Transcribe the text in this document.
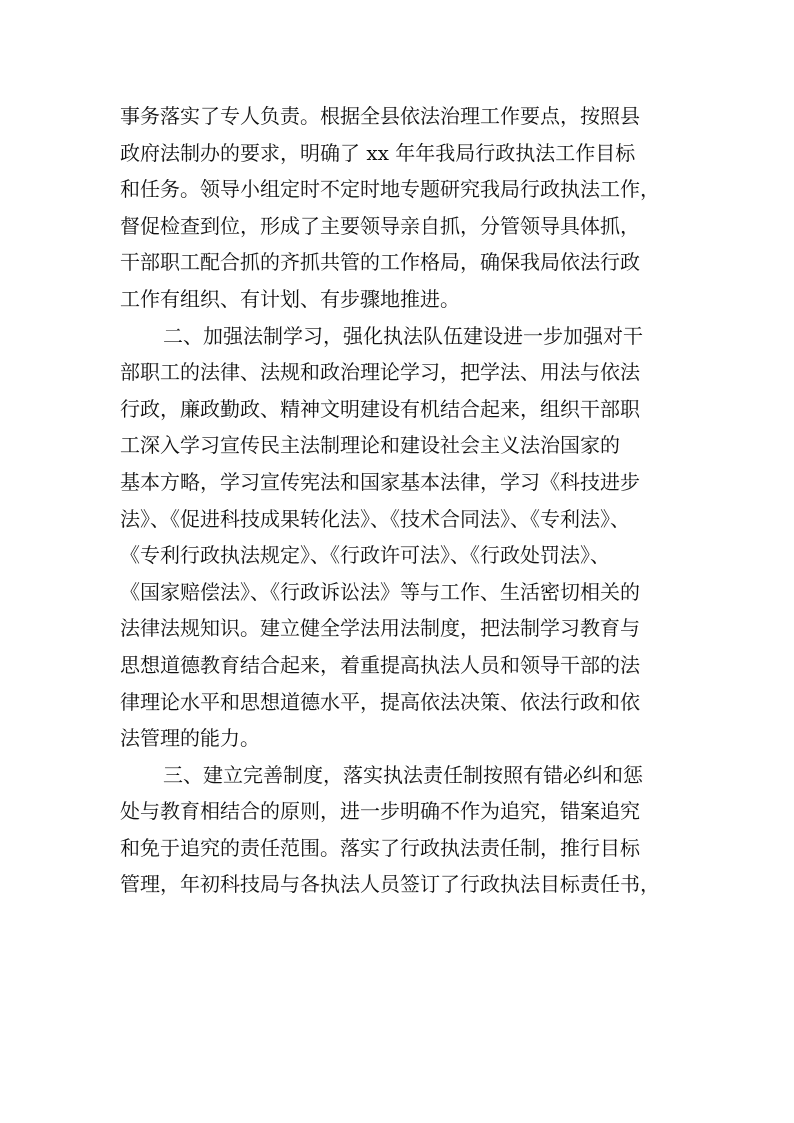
事务落实了专人负责。根据全县依法治理工作要点，按照县
政府法制办的要求，明确了 xx 年年我局行政执法工作目标
和任务。领导小组定时不定时地专题研究我局行政执法工作，
督促检查到位，形成了主要领导亲自抓，分管领导具体抓，
干部职工配合抓的齐抓共管的工作格局，确保我局依法行政
工作有组织、有计划、有步骤地推进。
二、加强法制学习，强化执法队伍建设进一步加强对干
部职工的法律、法规和政治理论学习，把学法、用法与依法
行政，廉政勤政、精神文明建设有机结合起来，组织干部职
工深入学习宣传民主法制理论和建设社会主义法治国家的
基本方略，学习宣传宪法和国家基本法律，学习《科技进步
法》、《促进科技成果转化法》、《技术合同法》、《专利法》、
《专利行政执法规定》、《行政许可法》、《行政处罚法》、
《国家赔偿法》、《行政诉讼法》等与工作、生活密切相关的
法律法规知识。建立健全学法用法制度，把法制学习教育与
思想道德教育结合起来，着重提高执法人员和领导干部的法
律理论水平和思想道德水平，提高依法决策、依法行政和依
法管理的能力。
三、建立完善制度，落实执法责任制按照有错必纠和惩
处与教育相结合的原则，进一步明确不作为追究，错案追究
和免于追究的责任范围。落实了行政执法责任制，推行目标
管理，年初科技局与各执法人员签订了行政执法目标责任书，
